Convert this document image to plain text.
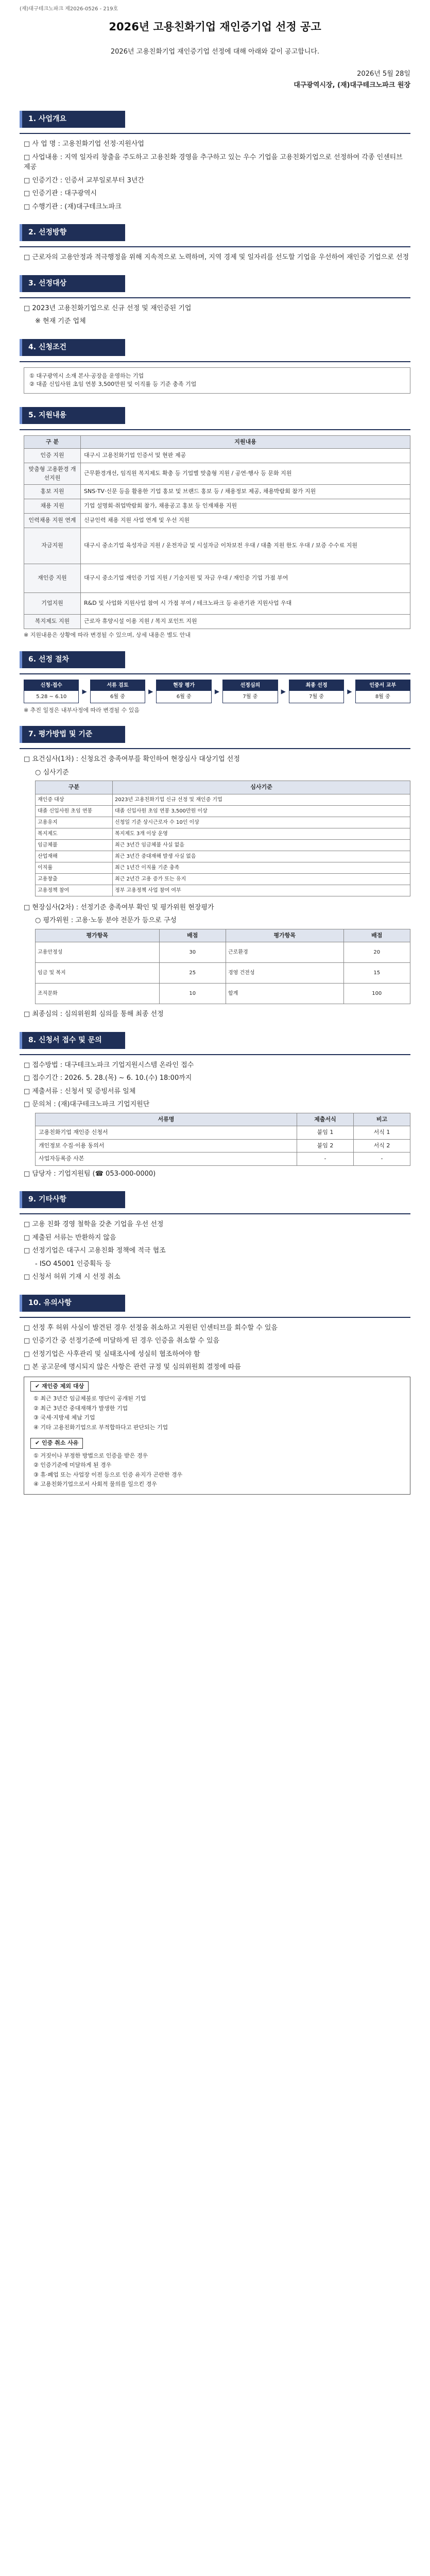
(재)대구테크노파크 제2026-0526 - 219호
2026년 고용친화기업 재인증기업 선정 공고
2026년 고용친화기업 재인증기업 선정에 대해 아래와 같이 공고합니다.
2026년 5월 28일
대구광역시장, (재)대구테크노파크 원장
1. 사업개요
□ 사 업 명 : 고용친화기업 선정·지원사업
□ 사업내용 : 지역 일자리 창출을 주도하고 고용친화 경영을 추구하고 있는 우수 기업을 고용친화기업으로 선정하여 각종 인센티브 제공
□ 인증기간 : 인증서 교부일로부터 3년간
□ 인증기관 : 대구광역시
□ 수행기관 : (재)대구테크노파크
2. 선정방향
□ 근로자의 고용안정과 적극행정을 위해 지속적으로 노력하며, 지역 경제 및 일자리를 선도할 기업을 우선하여 재인증 기업으로 선정
3. 선정대상
□ 2023년 고용친화기업으로 신규 선정 및 재인증된 기업
※ 현재 기준 업체
4. 신청조건
① 대구광역시 소재 본사·공장을 운영하는 기업
② 대졸 신입사원 초임 연봉 3,500만원 및 이직률 등 기준 충족 기업
5. 지원내용
구 분	지원내용
인증 지원	대구시 고용친화기업 인증서 및 현판 제공
맞춤형 고용환경 개선지원	근무환경개선, 임직원 복지제도 확충 등 기업별 맞춤형 지원 / 공연·행사 등 문화 지원
홍보 지원	SNS·TV·신문 등을 활용한 기업 홍보 및 브랜드 홍보 등 / 채용정보 제공, 채용박람회 참가 지원
채용 지원	기업 설명회·취업박람회 참가, 채용공고 홍보 등 인재채용 지원
인력채용 지원 연계	신규인력 채용 지원 사업 연계 및 우선 지원
자금지원	대구시 중소기업 육성자금 지원 / 운전자금 및 시설자금 이차보전 우대 / 대출 지원 한도 우대 / 보증 수수료 지원
재인증 지원	대구시 중소기업 재인증 기업 지원 / 기술지원 및 자금 우대 / 재인증 기업 가점 부여
기업지원	R&D 및 사업화 지원사업 참여 시 가점 부여 / 테크노파크 등 유관기관 지원사업 우대
복지제도 지원	근로자 휴양시설 이용 지원 / 복지 포인트 지원
※ 지원내용은 상황에 따라 변경될 수 있으며, 상세 내용은 별도 안내
6. 선정 절차
신청·접수
5.28 ~ 6.10
▶
서류 검토
6월 중
▶
현장 평가
6월 중
▶
선정심의
7월 중
▶
최종 선정
7월 중
▶
인증서 교부
8월 중
※ 추진 일정은 내부사정에 따라 변경될 수 있음
7. 평가방법 및 기준
□ 요건심사(1차) : 신청요건 충족여부를 확인하여 현장심사 대상기업 선정
○ 심사기준
구분	심사기준
재인증 대상	2023년 고용친화기업 신규 선정 및 재인증 기업
대졸 신입사원 초임 연봉	대졸 신입사원 초임 연봉 3,500만원 이상
고용유지	신청일 기준 상시근로자 수 10인 이상
복지제도	복지제도 3개 이상 운영
임금체불	최근 3년간 임금체불 사실 없음
산업재해	최근 3년간 중대재해 발생 사실 없음
이직률	최근 1년간 이직률 기준 충족
고용창출	최근 2년간 고용 증가 또는 유지
고용정책 참여	정부 고용정책 사업 참여 여부
□ 현장심사(2차) : 선정기준 충족여부 확인 및 평가위원 현장평가
○ 평가위원 : 고용·노동 분야 전문가 등으로 구성
평가항목	배점	평가항목	배점
고용안정성	30	근로환경	20
임금 및 복지	25	경영 건전성	15
조직문화	10	합계	100
□ 최종심의 : 심의위원회 심의를 통해 최종 선정
8. 신청서 접수 및 문의
□ 접수방법 : 대구테크노파크 기업지원시스템 온라인 접수
□ 접수기간 : 2026. 5. 28.(목) ~ 6. 10.(수) 18:00까지
□ 제출서류 : 신청서 및 증빙서류 일체
□ 문의처 : (재)대구테크노파크 기업지원단
서류명	제출서식	비고
고용친화기업 재인증 신청서	붙임 1	서식 1
개인정보 수집·이용 동의서	붙임 2	서식 2
사업자등록증 사본	-	-
□ 담당자 : 기업지원팀 (☎ 053-000-0000)
9. 기타사항
□ 고용 친화 경영 철학을 갖춘 기업을 우선 선정
□ 제출된 서류는 반환하지 않음
□ 선정기업은 대구시 고용친화 정책에 적극 협조
- ISO 45001 인증획득 등
□ 신청서 허위 기재 시 선정 취소
10. 유의사항
□ 선정 후 허위 사실이 발견된 경우 선정을 취소하고 지원된 인센티브를 회수할 수 있음
□ 인증기간 중 선정기준에 미달하게 된 경우 인증을 취소할 수 있음
□ 선정기업은 사후관리 및 실태조사에 성실히 협조하여야 함
□ 본 공고문에 명시되지 않은 사항은 관련 규정 및 심의위원회 결정에 따름
✔ 재인증 제외 대상
① 최근 3년간 임금체불로 명단이 공개된 기업
② 최근 3년간 중대재해가 발생한 기업
③ 국세·지방세 체납 기업
④ 기타 고용친화기업으로 부적합하다고 판단되는 기업
✔ 인증 취소 사유
① 거짓이나 부정한 방법으로 인증을 받은 경우
② 인증기준에 미달하게 된 경우
③ 휴·폐업 또는 사업장 이전 등으로 인증 유지가 곤란한 경우
④ 고용친화기업으로서 사회적 물의를 일으킨 경우
